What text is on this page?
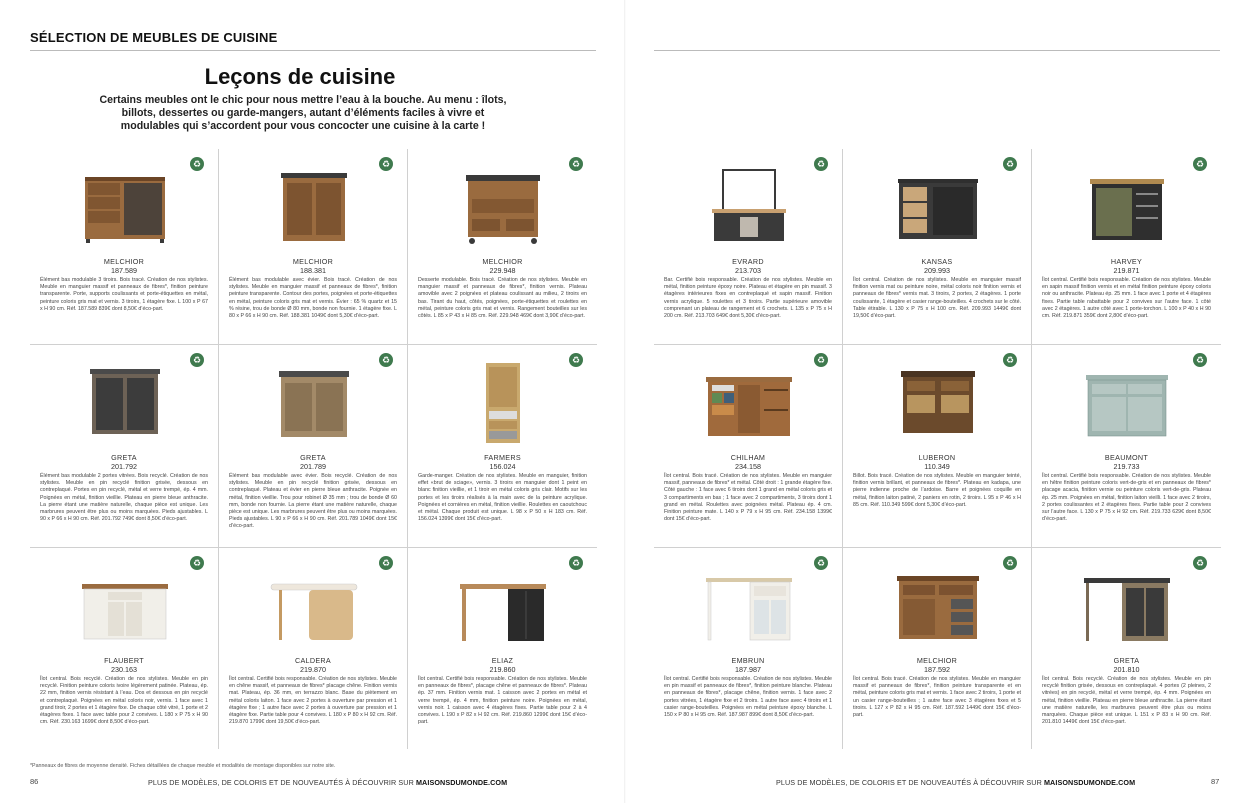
SÉLECTION DE MEUBLES DE CUISINE
Leçons de cuisine
Certains meubles ont le chic pour nous mettre l’eau à la bouche. Au menu : îlots, billots, dessertes ou garde-mangers, autant d’éléments faciles à vivre et modulables qui s’accordent pour vous concocter une cuisine à la carte !
♻
MELCHIOR
187.589
Élément bas modulable 3 tiroirs. Bois tracé. Création de nos stylistes. Meuble en manguier massif et panneaux de fibres*, finition peinture transparente. Porte, supports coulissants et porte-étiquettes en métal, peinture coloris gris mat et vernis. 3 tiroirs, 1 étagère fixe. L 100 x P 67 x H 90 cm. Réf. 187.589 839€ dont 8,50€ d’éco-part.
♻
MELCHIOR
188.381
Élément bas modulable avec évier. Bois tracé. Création de nos stylistes. Meuble en manguier massif et panneaux de fibres*, finition peinture transparente. Contour des portes, poignées et porte-étiquettes en métal, peinture coloris gris mat et vernis. Évier : 65 % quartz et 15 % résine, trou de bonde Ø 80 mm, bonde non fournie. 1 étagère fixe. L 80 x P 66 x H 90 cm. Réf. 188.381 1049€ dont 5,30€ d’éco-part.
♻
MELCHIOR
229.948
Desserte modulable. Bois tracé. Création de nos stylistes. Meuble en manguier massif et panneaux de fibres*, finition vernis. Plateau amovible avec 2 poignées et plateau coulissant au milieu, 2 tiroirs en bas. Tirant du haut, côtés, poignées, porte-étiquettes et roulettes en métal, peinture coloris gris mat et vernis. Rangement bouteilles sur les côtés. L 85 x P 43 x H 85 cm. Réf. 229.948 469€ dont 3,90€ d’éco-part.
♻
GRETA
201.792
Élément bas modulable 2 portes vitrées. Bois recyclé. Création de nos stylistes. Meuble en pin recyclé finition grisée, dessous en contreplaqué. Portes en pin recyclé, métal et verre trempé, ép. 4 mm. Poignées en métal, finition vieillie. Plateau en pierre bleue anthracite. La pierre étant une matière naturelle, chaque pièce est unique. Les marbrures peuvent être plus ou moins marquées. Pieds ajustables. L 90 x P 66 x H 90 cm. Réf. 201.792 749€ dont 8,50€ d’éco-part.
♻
GRETA
201.789
Élément bas modulable avec évier. Bois recyclé. Création de nos stylistes. Meuble en pin recyclé finition grisée, dessous en contreplaqué. Plateau et évier en pierre bleue anthracite. Poignée en métal, finition vieillie. Trou pour robinet Ø 35 mm ; trou de bonde Ø 60 mm, bonde non fournie. La pierre étant une matière naturelle, chaque pièce est unique. Les marbrures peuvent être plus ou moins marquées. Pieds ajustables. L 90 x P 66 x H 90 cm. Réf. 201.789 1049€ dont 15€ d’éco-part.
♻
FARMERS
156.024
Garde-manger. Création de nos stylistes. Meuble en manguier, finition effet «brut de sciage», vernis. 3 tiroirs en manguier dont 1 peint en blanc finition vieillie, et 1 tiroir en métal coloris gris clair. Motifs sur les portes et les tiroirs réalisés à la main avec de la peinture acrylique. Poignées et cornières en métal, finition vieillie. Roulettes en caoutchouc et métal. Chaque produit est unique. L 98 x P 50 x H 183 cm. Réf. 156.024 1399€ dont 15€ d’éco-part.
♻
FLAUBERT
230.163
Îlot central. Bois recyclé. Création de nos stylistes. Meuble en pin recyclé. Finition peinture coloris ivoire légèrement patinée. Plateau, ép. 22 mm, finition vernis résistant à l’eau. Dos et dessous en pin recyclé et contreplaqué. Poignées en métal coloris noir, vernis. 1 face avec 1 grand tiroir, 2 portes et 1 étagère fixe. De chaque côté vitré, 1 porte et 2 étagères fixes. 1 face avec table pour 2 convives. L 180 x P 75 x H 90 cm. Réf. 230.163 1699€ dont 8,50€ d’éco-part.
♻
CALDERA
219.870
Îlot central. Certifié bois responsable. Création de nos stylistes. Meuble en chêne massif, et panneaux de fibres* placage chêne. Finition vernis mat. Plateau, ép. 36 mm, en terrazzo blanc. Base du piètement en métal coloris laiton. 1 face avec 2 portes à ouverture par pression et 1 étagère fixe ; 1 autre face avec 2 portes à ouverture par pression et 1 étagère fixe. Partie table pour 4 convives. L 180 x P 80 x H 92 cm. Réf. 219.870 1799€ dont 19,50€ d’éco-part.
♻
ELIAZ
219.860
Îlot central. Certifié bois responsable. Création de nos stylistes. Meuble en panneaux de fibres*, placage chêne et panneaux de fibres*. Plateau ép. 37 mm. Finition vernis mat. 1 caisson avec 2 portes en métal et verre trempé, ép. 4 mm, finition peinture noire. Poignées en métal, vernis noir. 1 caisson avec 4 étagères fixes. Partie table pour 2 à 4 convives. L 190 x P 82 x H 92 cm. Réf. 219.860 1299€ dont 15€ d’éco-part.
♻
EVRARD
213.703
Bar. Certifié bois responsable. Création de nos stylistes. Meuble en métal, finition peinture époxy noire. Plateau et étagère en pin massif. 3 étagères intérieures fixes en contreplaqué et sapin massif. Finition vernis acrylique. 5 roulettes et 3 tiroirs. Partie supérieure amovible comprenant un plateau de rangement et 6 crochets. L 135 x P 75 x H 200 cm. Réf. 213.703 649€ dont 5,30€ d’éco-part.
♻
KANSAS
209.993
Îlot central. Création de nos stylistes. Meuble en manguier massif finition vernis mat ou peinture noire, métal coloris noir finition vernis et panneaux de fibres* vernis mat. 3 tiroirs, 2 portes, 2 étagères. 1 porte coulissante, 1 étagère et casier range-bouteilles. 4 crochets sur le côté. Table étirable. L 130 x P 75 x H 100 cm. Réf. 209.993 1449€ dont 19,50€ d’éco-part.
♻
HARVEY
219.871
Îlot central. Certifié bois responsable. Création de nos stylistes. Meuble en sapin massif finition vernis et en métal finition peinture époxy coloris noir ou anthracite. Plateau ép. 25 mm. 1 face avec 1 porte et 4 étagères fixes. Partie table rabattable pour 2 convives sur l’autre face. 1 côté avec 2 étagères. 1 autre côté avec 1 porte-torchon. L 100 x P 40 x H 90 cm. Réf. 219.871 359€ dont 2,80€ d’éco-part.
♻
CHILHAM
234.158
Îlot central. Bois tracé. Création de nos stylistes. Meuble en manguier massif, panneaux de fibres* et métal. Côté droit : 1 grande étagère fixe. Côté gauche : 1 face avec 6 tiroirs dont 1 grand en métal coloris gris et 3 compartiments en bas ; 1 face avec 2 compartiments, 3 tiroirs dont 1 grand en métal. Roulettes avec poignées métal. Plateau ép. 4 cm. Finition peinture mate. L 140 x P 79 x H 95 cm. Réf. 234.158 1399€ dont 15€ d’éco-part.
♻
LUBERON
110.349
Billot. Bois tracé. Création de nos stylistes. Meuble en manguier teinté, finition vernis brillant, et panneaux de fibres*. Plateau en kadapa, une pierre indienne proche de l’ardoise. Barre et poignées coquille en métal, finition laiton patiné, 2 paniers en rotin, 2 tiroirs. L 95 x P 46 x H 85 cm. Réf. 110.349 599€ dont 5,30€ d’éco-part.
♻
BEAUMONT
219.733
Îlot central. Certifié bois responsable. Création de nos stylistes. Meuble en hêtre finition peinture coloris vert-de-gris et en panneaux de fibres* placage acacia, finition vernie ou peinture coloris vert-de-gris. Plateau ép. 25 mm. Poignées en métal, finition laiton vieilli. 1 face avec 2 tiroirs, 2 portes coulissantes et 2 étagères fixes. Partie table pour 2 convives sur l’autre face. L 130 x P 75 x H 92 cm. Réf. 219.733 629€ dont 8,50€ d’éco-part.
♻
EMBRUN
187.987
Îlot central. Certifié bois responsable. Création de nos stylistes. Meuble en pin massif et panneaux de fibres*, finition peinture blanche. Plateau en panneaux de fibres*, placage chêne, finition vernis. 1 face avec 2 portes vitrées, 1 étagère fixe et 2 tiroirs. 1 autre face avec 4 tiroirs et 1 casier range-bouteilles. Poignées en métal peinture époxy blanche. L 150 x P 80 x H 95 cm. Réf. 187.987 899€ dont 8,50€ d’éco-part.
♻
MELCHIOR
187.592
Îlot central. Bois tracé. Création de nos stylistes. Meuble en manguier massif et panneaux de fibres*, finition peinture transparente et en métal, peinture coloris gris mat et vernis. 1 face avec 2 tiroirs, 1 porte et un casier range-bouteilles ; 1 autre face avec 3 étagères fixes et 5 tiroirs. L 127 x P 82 x H 95 cm. Réf. 187.592 1449€ dont 15€ d’éco-part.
♻
GRETA
201.810
Îlot central. Bois recyclé. Création de nos stylistes. Meuble en pin recyclé finition grisée, dessous en contreplaqué. 4 portes (2 pleines, 2 vitrées) en pin recyclé, métal et verre trempé, ép. 4 mm. Poignées en métal, finition vieillie. Plateau en pierre bleue anthracite. La pierre étant une matière naturelle, les marbrures peuvent être plus ou moins marquées. Chaque pièce est unique. L 151 x P 83 x H 90 cm. Réf. 201.810 1449€ dont 15€ d’éco-part.
*Panneaux de fibres de moyenne densité. Fiches détaillées de chaque meuble et modalités de montage disponibles sur notre site.
86	PLUS DE MODÈLES, DE COLORIS ET DE NOUVEAUTÉS À DÉCOUVRIR SUR MAISONSDUMONDE.COM	PLUS DE MODÈLES, DE COLORIS ET DE NOUVEAUTÉS À DÉCOUVRIR SUR MAISONSDUMONDE.COM	87
